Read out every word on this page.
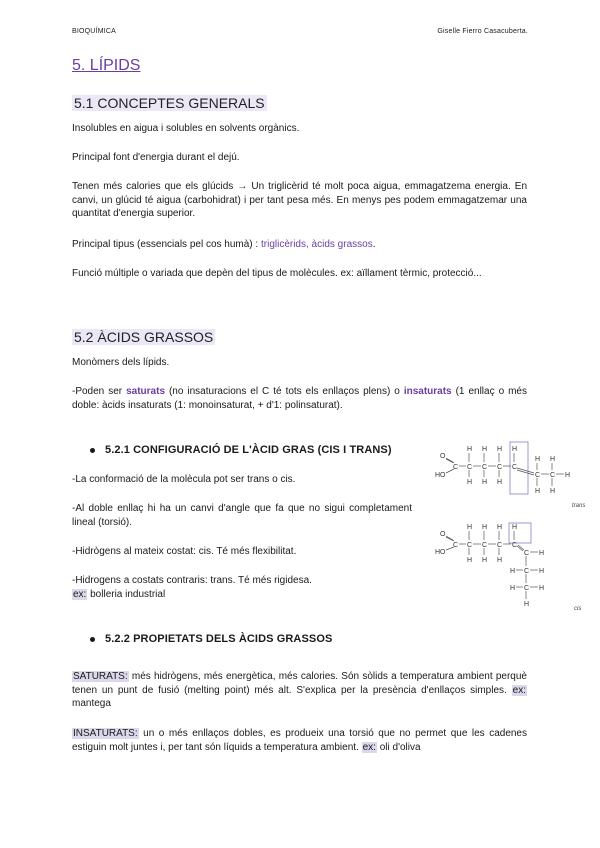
BIOQUÍMICA	Giselle Fierro Casacuberta.
5. LÍPIDS
5.1 CONCEPTES GENERALS
Insolubles en aigua i solubles en solvents orgànics.
Principal font d'energia durant el dejú.
Tenen més calories que els glúcids → Un triglicèrid té molt poca aigua, emmagatzema energia. En canvi, un glúcid té aigua (carbohidrat) i per tant pesa més. En menys pes podem emmagatzemar una quantitat d'energia superior.
Principal tipus (essencials pel cos humà) : triglicèrids, àcids grassos.
Funció múltiple o variada que depèn del tipus de molècules. ex: aïllament tèrmic, protecció...
5.2 ÀCIDS GRASSOS
Monòmers dels lípids.
-Poden ser saturats (no insaturacions el C té tots els enllaços plens) o insaturats (1 enllaç o més doble: àcids insaturats (1: monoinsaturat, + d'1: polinsaturat).
5.2.1 CONFIGURACIÓ DE L'ÀCID GRAS (CIS I TRANS)
-La conformació de la molècula pot ser trans o cis.
-Al doble enllaç hi ha un canvi d'angle que fa que no sigui completament lineal (torsió).
-Hidrògens al mateix costat: cis. Té més flexibilitat.
-Hidrogens a costats contraris: trans. Té més rigidesa.
ex: bolleria industrial
O
HO
C C C C C
C C H
H H H H
H H H
H H
H H
trans
O
HO
C C C C C
C
C
C
H H H H
H H H
H
H	H
H	H
H
cis
5.2.2 PROPIETATS DELS ÀCIDS GRASSOS
SATURATS: més hidrògens, més energètica, més calories. Són sòlids a temperatura ambient perquè tenen un punt de fusió (melting point) més alt. S'explica per la presència d'enllaços simples. ex: mantega
INSATURATS: un o més enllaços dobles, es produeix una torsió que no permet que les cadenes estiguin molt juntes i, per tant són líquids a temperatura ambient. ex: oli d'oliva
